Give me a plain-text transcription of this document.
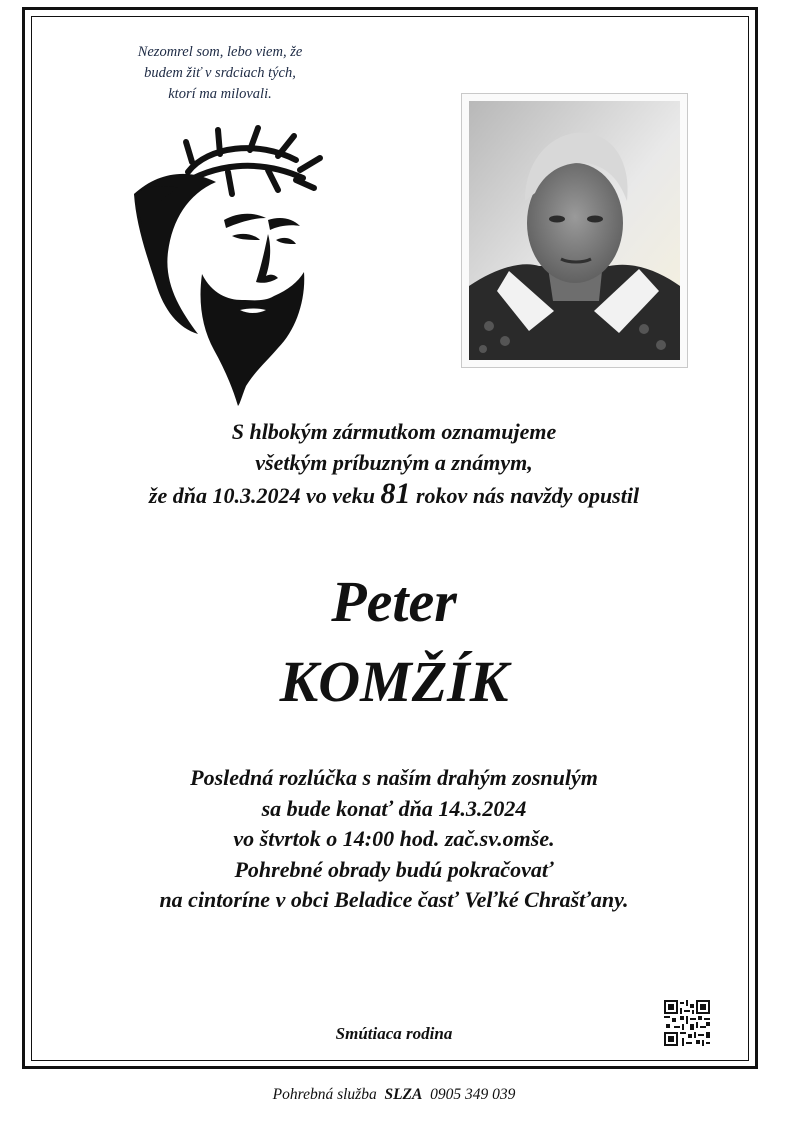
Nezomrel som, lebo viem, že
budem žiť v srdciach tých,
ktorí ma milovali.
S hlbokým zármutkom oznamujeme
všetkým príbuzným a známym,
že dňa 10.3.2024 vo veku 81 rokov nás navždy opustil
Peter
KOMŽÍK
Posledná rozlúčka s naším drahým zosnulým
sa bude konať dňa 14.3.2024
vo štvrtok o 14:00 hod. zač.sv.omše.
Pohrebné obrady budú pokračovať
na cintoríne v obci Beladice časť Veľké Chrašťany.
Smútiaca rodina
Pohrebná služba SLZA 0905 349 039
